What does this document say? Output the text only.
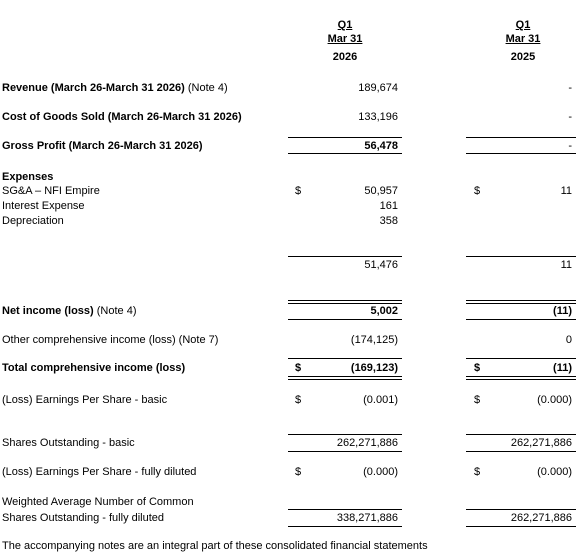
Q1
Mar 31
2026
Q1
Mar 31
2025
Revenue (March 26-March 31 2026) (Note 4)	189,674	-
Cost of Goods Sold (March 26-March 31 2026)	133,196	-
Gross Profit (March 26-March 31 2026)	56,478	-
Expenses
SG&A – NFI Empire	$	50,957	$	11
Interest Expense	161
Depreciation	358
51,476	11
Net income (loss) (Note 4)	5,002	(11)
Other comprehensive income (loss) (Note 7)	(174,125)	0
Total comprehensive income (loss)	$	(169,123)	$	(11)
(Loss) Earnings Per Share - basic	$	(0.001)	$	(0.000)
Shares Outstanding - basic	262,271,886	262,271,886
(Loss) Earnings Per Share - fully diluted	$	(0.000)	$	(0.000)
Weighted Average Number of Common
Shares Outstanding - fully diluted	338,271,886	262,271,886
The accompanying notes are an integral part of these consolidated financial statements
